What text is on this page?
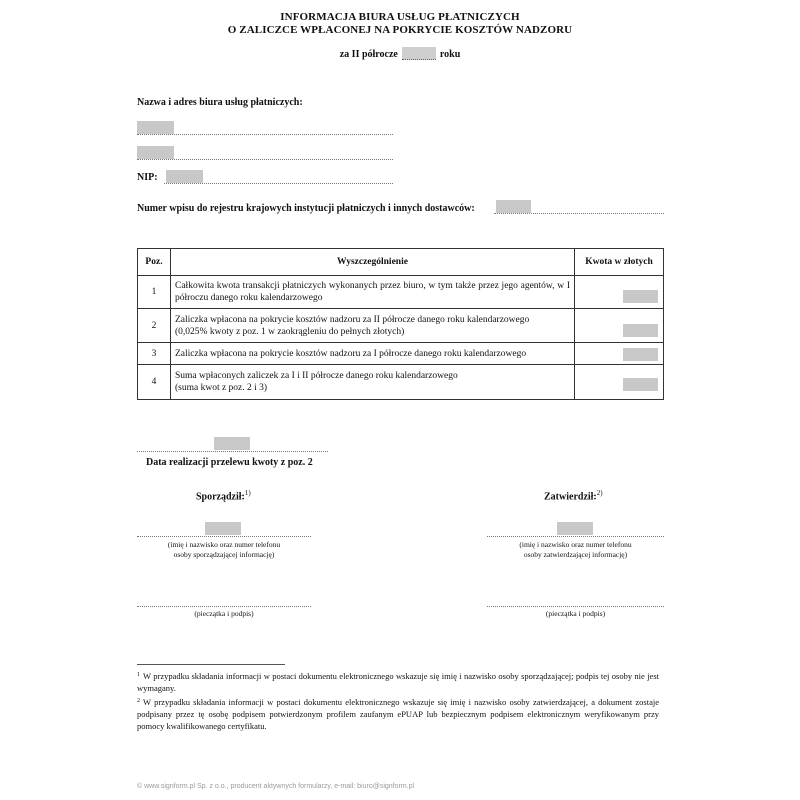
INFORMACJA BIURA USŁUG PŁATNICZYCH
O ZALICZCE WPŁACONEJ NA POKRYCIE KOSZTÓW NADZORU
za II półrocze	roku
Nazwa i adres biura usług płatniczych:
NIP:
Numer wpisu do rejestru krajowych instytucji płatniczych i innych dostawców:
Poz.	Wyszczególnienie	Kwota w złotych
1	Całkowita kwota transakcji płatniczych wykonanych przez biuro, w tym także przez jego agentów, w I półroczu danego roku kalendarzowego	

2	Zaliczka wpłacona na pokrycie kosztów nadzoru za II półrocze danego roku kalendarzowego
(0,025% kwoty z poz. 1 w zaokrągleniu do pełnych złotych)	

3	Zaliczka wpłacona na pokrycie kosztów nadzoru za I półrocze danego roku kalendarzowego	

4	Suma wpłaconych zaliczek za I i II półrocze danego roku kalendarzowego
(suma kwot z poz. 2 i 3)	

Data realizacji przelewu kwoty z poz. 2
Sporządził:$^{1)}$
(imię i nazwisko oraz numer telefonu
osoby sporządzającej informację)
(pieczątka i podpis)
Zatwierdził:$^{2)}$
(imię i nazwisko oraz numer telefonu
osoby zatwierdzającej informację)
(pieczątka i podpis)
$^1$ W przypadku składania informacji w postaci dokumentu elektronicznego wskazuje się imię i nazwisko osoby sporządzającej; podpis tej osoby nie jest wymagany.
$^2$ W przypadku składania informacji w postaci dokumentu elektronicznego wskazuje się imię i nazwisko osoby zatwierdzającej, a dokument zostaje podpisany przez tę osobę podpisem potwierdzonym profilem zaufanym ePUAP lub bezpiecznym podpisem elektronicznym weryfikowanym przy pomocy kwalifikowanego certyfikatu.
© www.signform.pl Sp. z o.o., producent aktywnych formularzy, e-mail: biuro@signform.pl
